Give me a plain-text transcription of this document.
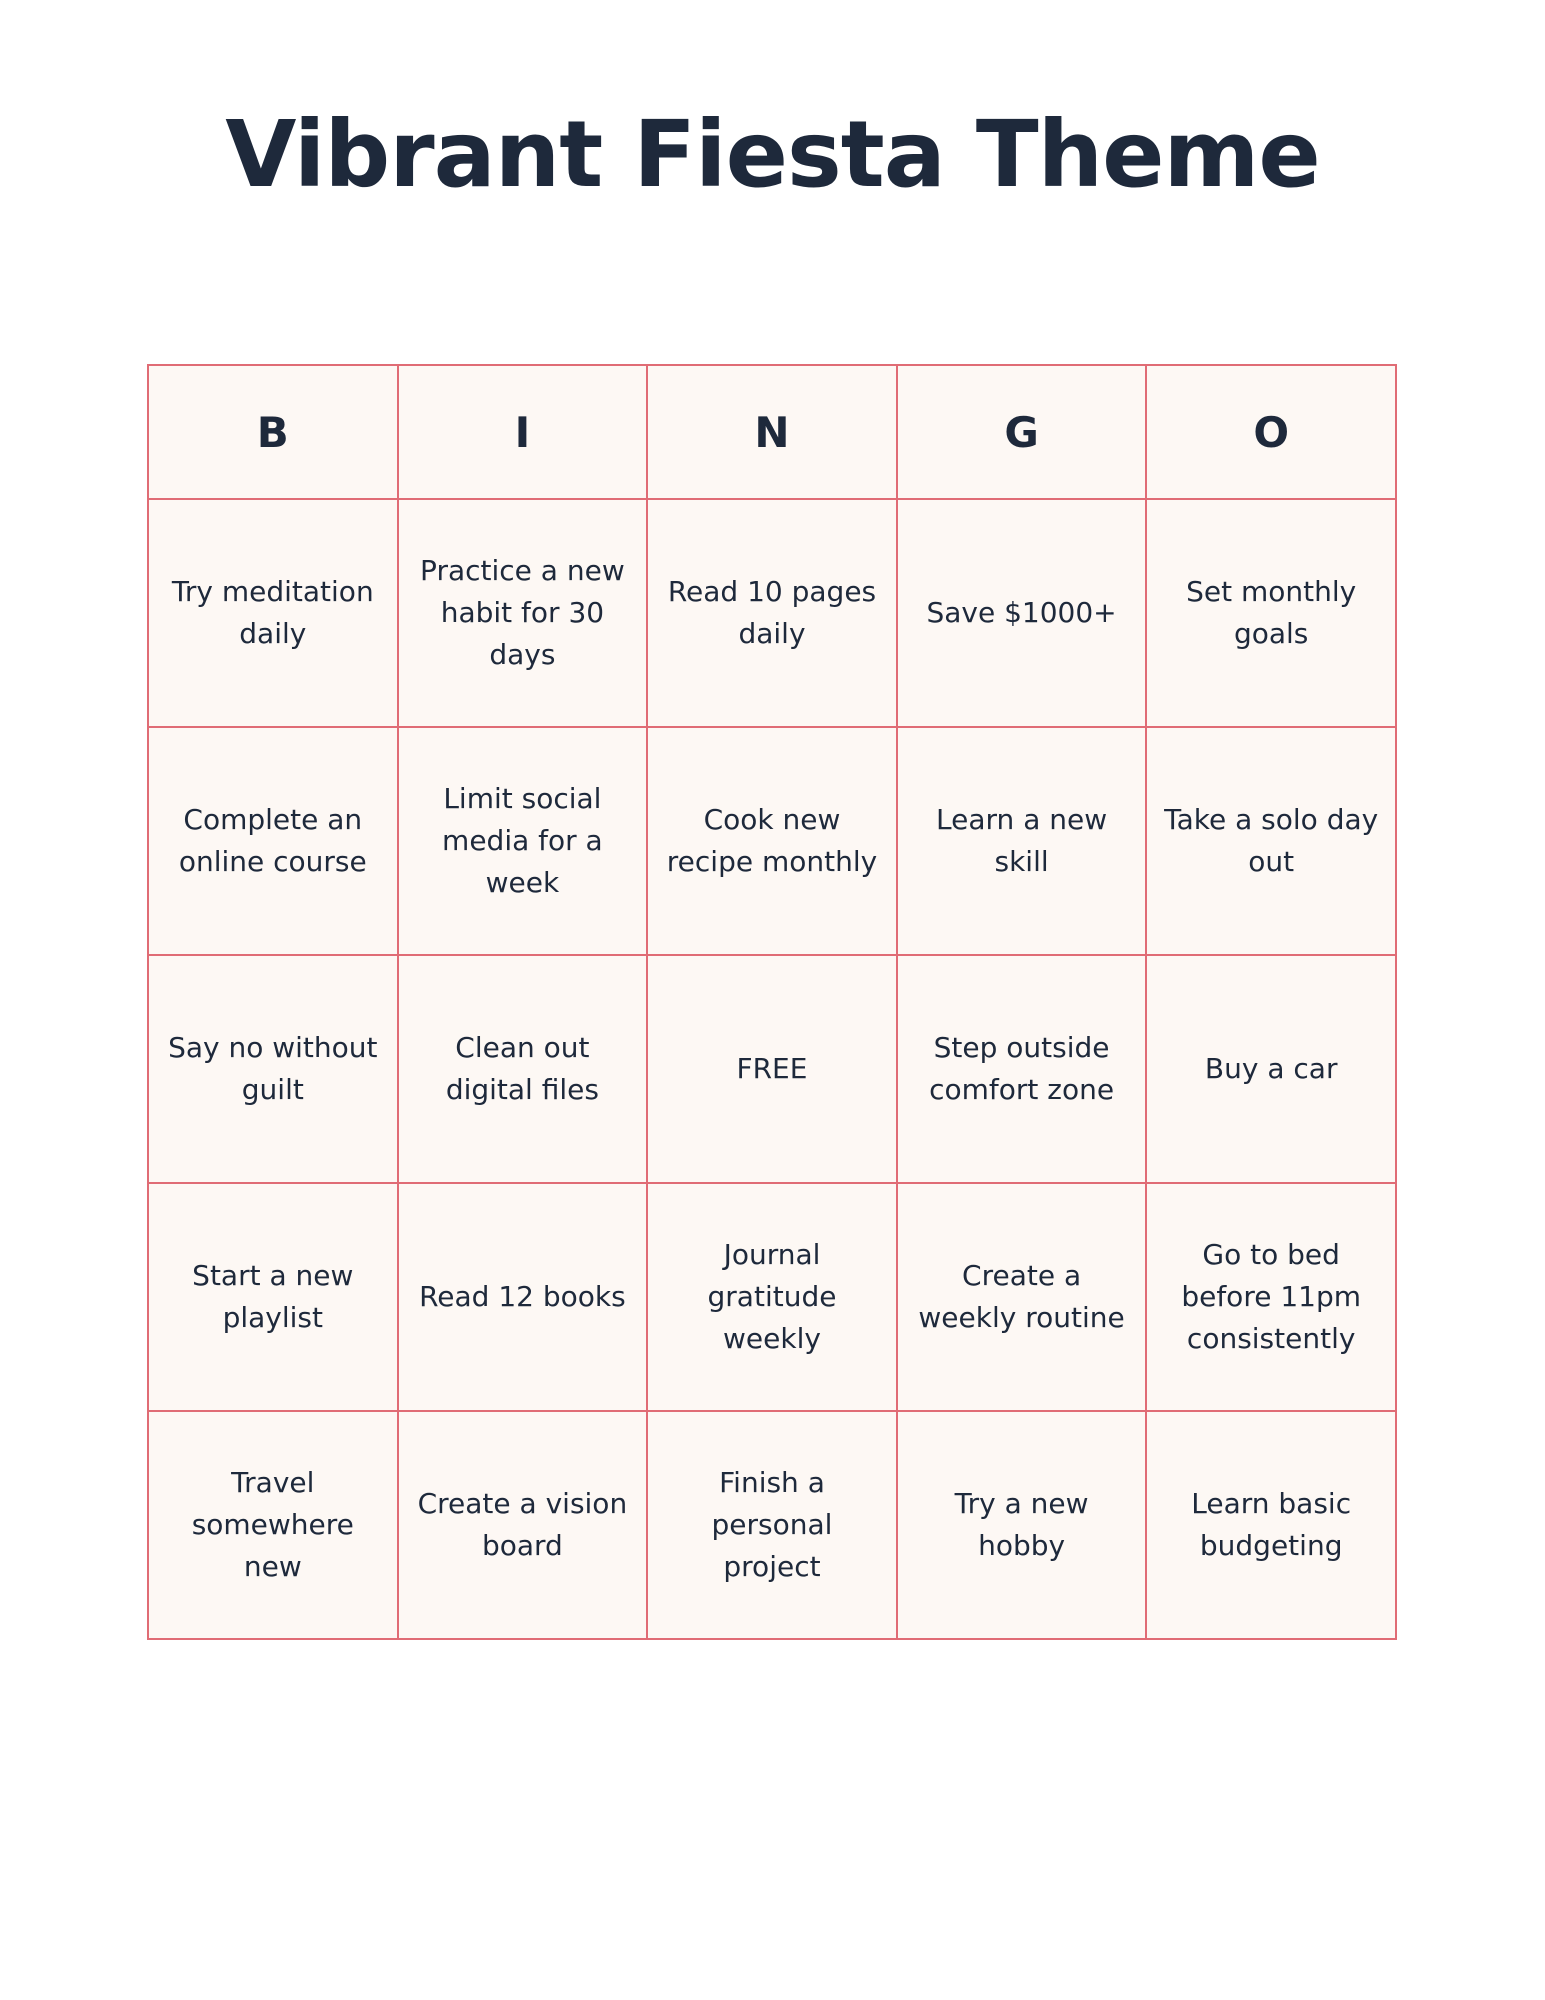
Vibrant Fiesta Theme
B	I	N	G	O
Try meditation daily	Practice a new habit for 30 days	Read 10 pages daily	Save $1000+	Set monthly goals
Complete an online course	Limit social media for a week	Cook new recipe monthly	Learn a new skill	Take a solo day out
Say no without guilt	Clean out digital files	FREE	Step outside comfort zone	Buy a car
Start a new playlist	Read 12 books	Journal gratitude weekly	Create a weekly routine	Go to bed before 11pm consistently
Travel somewhere new	Create a vision board	Finish a personal project	Try a new hobby	Learn basic budgeting
